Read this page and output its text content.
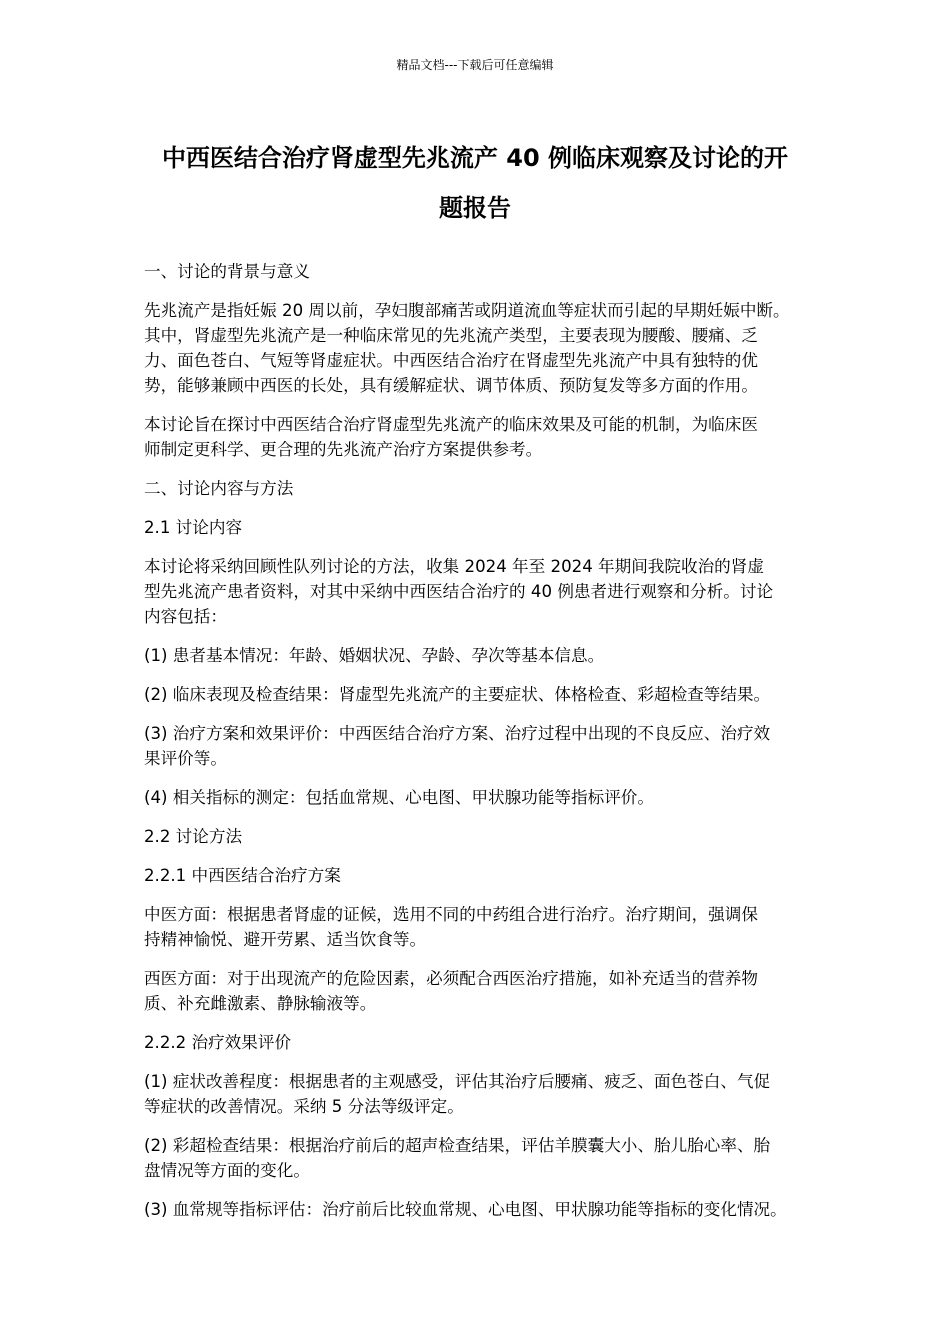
精品文档---下载后可任意编辑
中西医结合治疗肾虚型先兆流产 40 例临床观察及讨论的开
题报告
一、讨论的背景与意义
先兆流产是指妊娠 20 周以前，孕妇腹部痛苦或阴道流血等症状而引起的早期妊娠中断。
其中，肾虚型先兆流产是一种临床常见的先兆流产类型，主要表现为腰酸、腰痛、乏
力、面色苍白、气短等肾虚症状。中西医结合治疗在肾虚型先兆流产中具有独特的优
势，能够兼顾中西医的长处，具有缓解症状、调节体质、预防复发等多方面的作用。
本讨论旨在探讨中西医结合治疗肾虚型先兆流产的临床效果及可能的机制，为临床医
师制定更科学、更合理的先兆流产治疗方案提供参考。
二、讨论内容与方法
2.1 讨论内容
本讨论将采纳回顾性队列讨论的方法，收集 2024 年至 2024 年期间我院收治的肾虚
型先兆流产患者资料，对其中采纳中西医结合治疗的 40 例患者进行观察和分析。讨论
内容包括：
(1) 患者基本情况：年龄、婚姻状况、孕龄、孕次等基本信息。
(2) 临床表现及检查结果：肾虚型先兆流产的主要症状、体格检查、彩超检查等结果。
(3) 治疗方案和效果评价：中西医结合治疗方案、治疗过程中出现的不良反应、治疗效
果评价等。
(4) 相关指标的测定：包括血常规、心电图、甲状腺功能等指标评价。
2.2 讨论方法
2.2.1 中西医结合治疗方案
中医方面：根据患者肾虚的证候，选用不同的中药组合进行治疗。治疗期间，强调保
持精神愉悦、避开劳累、适当饮食等。
西医方面：对于出现流产的危险因素，必须配合西医治疗措施，如补充适当的营养物
质、补充雌激素、静脉输液等。
2.2.2 治疗效果评价
(1) 症状改善程度：根据患者的主观感受，评估其治疗后腰痛、疲乏、面色苍白、气促
等症状的改善情况。采纳 5 分法等级评定。
(2) 彩超检查结果：根据治疗前后的超声检查结果，评估羊膜囊大小、胎儿胎心率、胎
盘情况等方面的变化。
(3) 血常规等指标评估：治疗前后比较血常规、心电图、甲状腺功能等指标的变化情况。
